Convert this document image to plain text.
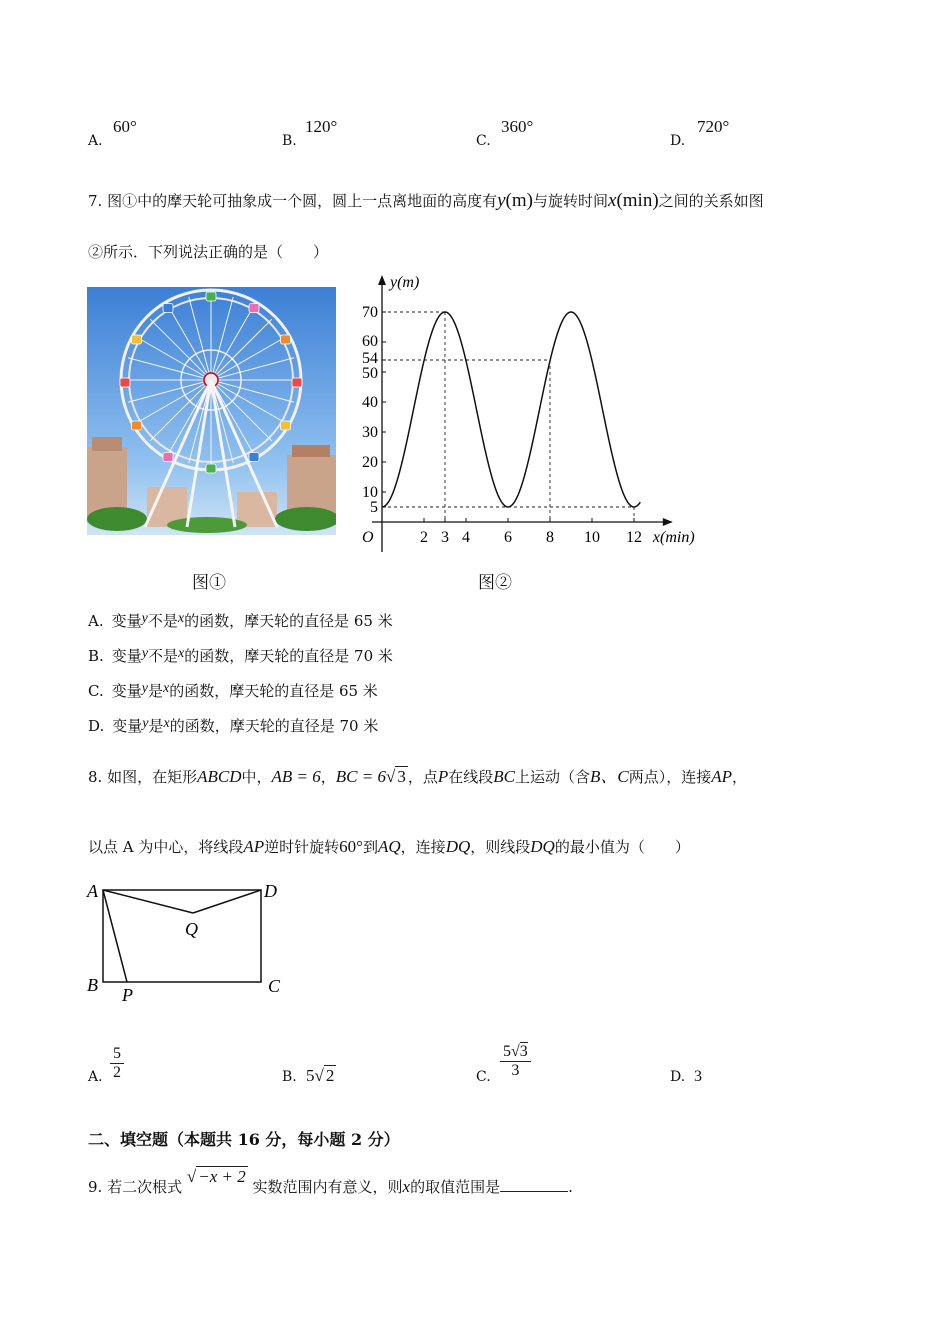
A.
60°
B.
120°
C.
360°
D.
720°
7. 图①中的摩天轮可抽象成一个圆，圆上一点离地面的高度有y(m)与旋转时间x(min)之间的关系如图
②所示．下列说法正确的是（　　）
2 3 4 6 8 10 12
5
10
20
30
40
50
54
60
70
y(m)
x(min)
O
图①	图②
A. 变量y不是x的函数，摩天轮的直径是 65 米
B. 变量y不是x的函数，摩天轮的直径是 70 米
C. 变量y是x的函数，摩天轮的直径是 65 米
D. 变量y是x的函数，摩天轮的直径是 70 米
8. 如图，在矩形ABCD中，AB = 6，BC = 6√ 3 ，点P在线段BC上运动（含B、C两点），连接AP，
以点 A 为中心，将线段AP逆时针旋转60°到AQ，连接DQ，则线段DQ的最小值为（　　）
A	D
Q
B P	C
A. $\frac{5}{2}$	B. 5√ 2	C. $\frac{5√3}{3}$	D. 3
二、填空题（本题共 16 分，每小题 2 分）
9. 若二次根式 √ −x + 2 实数范围内有意义，则x的取值范围是	.
